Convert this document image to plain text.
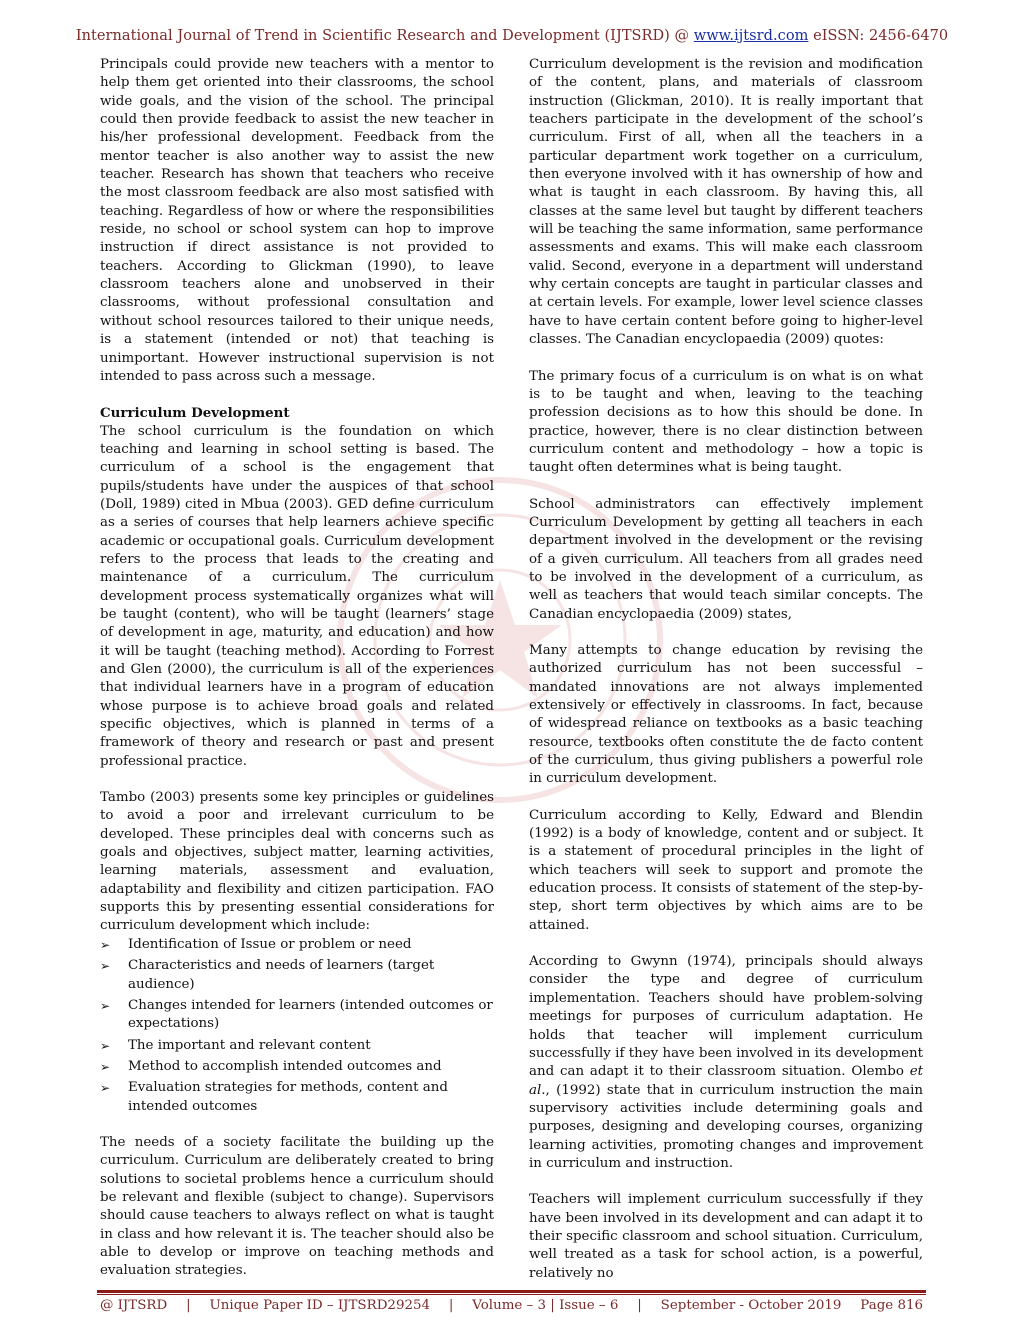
International Journal of Trend in Scientific Research and Development (IJTSRD) @ www.ijtsrd.com eISSN: 2456-6470

Principals could provide new teachers with a mentor to help them get oriented into their classrooms, the school wide goals, and the vision of the school. The principal could then provide feedback to assist the new teacher in his/her professional development. Feedback from the mentor teacher is also another way to assist the new teacher. Research has shown that teachers who receive the most classroom feedback are also most satisfied with teaching. Regardless of how or where the responsibilities reside, no school or school system can hop to improve instruction if direct assistance is not provided to teachers. According to Glickman (1990), to leave classroom teachers alone and unobserved in their classrooms, without professional consultation and without school resources tailored to their unique needs, is a statement (intended or not) that teaching is unimportant. However instructional supervision is not intended to pass across such a message.

Curriculum Development

The school curriculum is the foundation on which teaching and learning in school setting is based. The curriculum of a school is the engagement that pupils/students have under the auspices of that school (Doll, 1989) cited in Mbua (2003). GED define curriculum as a series of courses that help learners achieve specific academic or occupational goals. Curriculum development refers to the process that leads to the creating and maintenance of a curriculum. The curriculum development process systematically organizes what will be taught (content), who will be taught (learners’ stage of development in age, maturity, and education) and how it will be taught (teaching method). According to Forrest and Glen (2000), the curriculum is all of the experiences that individual learners have in a program of education whose purpose is to achieve broad goals and related specific objectives, which is planned in terms of a framework of theory and research or past and present professional practice.

Tambo (2003) presents some key principles or guidelines to avoid a poor and irrelevant curriculum to be developed. These principles deal with concerns such as goals and objectives, subject matter, learning activities, learning materials, assessment and evaluation, adaptability and flexibility and citizen participation. FAO supports this by presenting essential considerations for curriculum development which include:

➢ Identification of Issue or problem or need
➢ Characteristics and needs of learners (target audience)
➢ Changes intended for learners (intended outcomes or expectations)
➢ The important and relevant content
➢ Method to accomplish intended outcomes and
➢ Evaluation strategies for methods, content and intended outcomes

The needs of a society facilitate the building up the curriculum. Curriculum are deliberately created to bring solutions to societal problems hence a curriculum should be relevant and flexible (subject to change). Supervisors should cause teachers to always reflect on what is taught in class and how relevant it is. The teacher should also be able to develop or improve on teaching methods and evaluation strategies.

Curriculum development is the revision and modification of the content, plans, and materials of classroom instruction (Glickman, 2010). It is really important that teachers participate in the development of the school’s curriculum. First of all, when all the teachers in a particular department work together on a curriculum, then everyone involved with it has ownership of how and what is taught in each classroom. By having this, all classes at the same level but taught by different teachers will be teaching the same information, same performance assessments and exams. This will make each classroom valid. Second, everyone in a department will understand why certain concepts are taught in particular classes and at certain levels. For example, lower level science classes have to have certain content before going to higher-level classes. The Canadian encyclopaedia (2009) quotes:

The primary focus of a curriculum is on what is on what is to be taught and when, leaving to the teaching profession decisions as to how this should be done. In practice, however, there is no clear distinction between curriculum content and methodology – how a topic is taught often determines what is being taught.

School administrators can effectively implement Curriculum Development by getting all teachers in each department involved in the development or the revising of a given curriculum. All teachers from all grades need to be involved in the development of a curriculum, as well as teachers that would teach similar concepts. The Canadian encyclopaedia (2009) states,

Many attempts to change education by revising the authorized curriculum has not been successful – mandated innovations are not always implemented extensively or effectively in classrooms. In fact, because of widespread reliance on textbooks as a basic teaching resource, textbooks often constitute the de facto content of the curriculum, thus giving publishers a powerful role in curriculum development.

Curriculum according to Kelly, Edward and Blendin (1992) is a body of knowledge, content and or subject. It is a statement of procedural principles in the light of which teachers will seek to support and promote the education process. It consists of statement of the step-by-step, short term objectives by which aims are to be attained.

According to Gwynn (1974), principals should always consider the type and degree of curriculum implementation. Teachers should have problem-solving meetings for purposes of curriculum adaptation. He holds that teacher will implement curriculum successfully if they have been involved in its development and can adapt it to their classroom situation. Olembo et al., (1992) state that in curriculum instruction the main supervisory activities include determining goals and purposes, designing and developing courses, organizing learning activities, promoting changes and improvement in curriculum and instruction.

Teachers will implement curriculum successfully if they have been involved in its development and can adapt it to their specific classroom and school situation. Curriculum, well treated as a task for school action, is a powerful, relatively no

@ IJTSRD | Unique Paper ID – IJTSRD29254 | Volume – 3 | Issue – 6 | September - October 2019 Page 816
